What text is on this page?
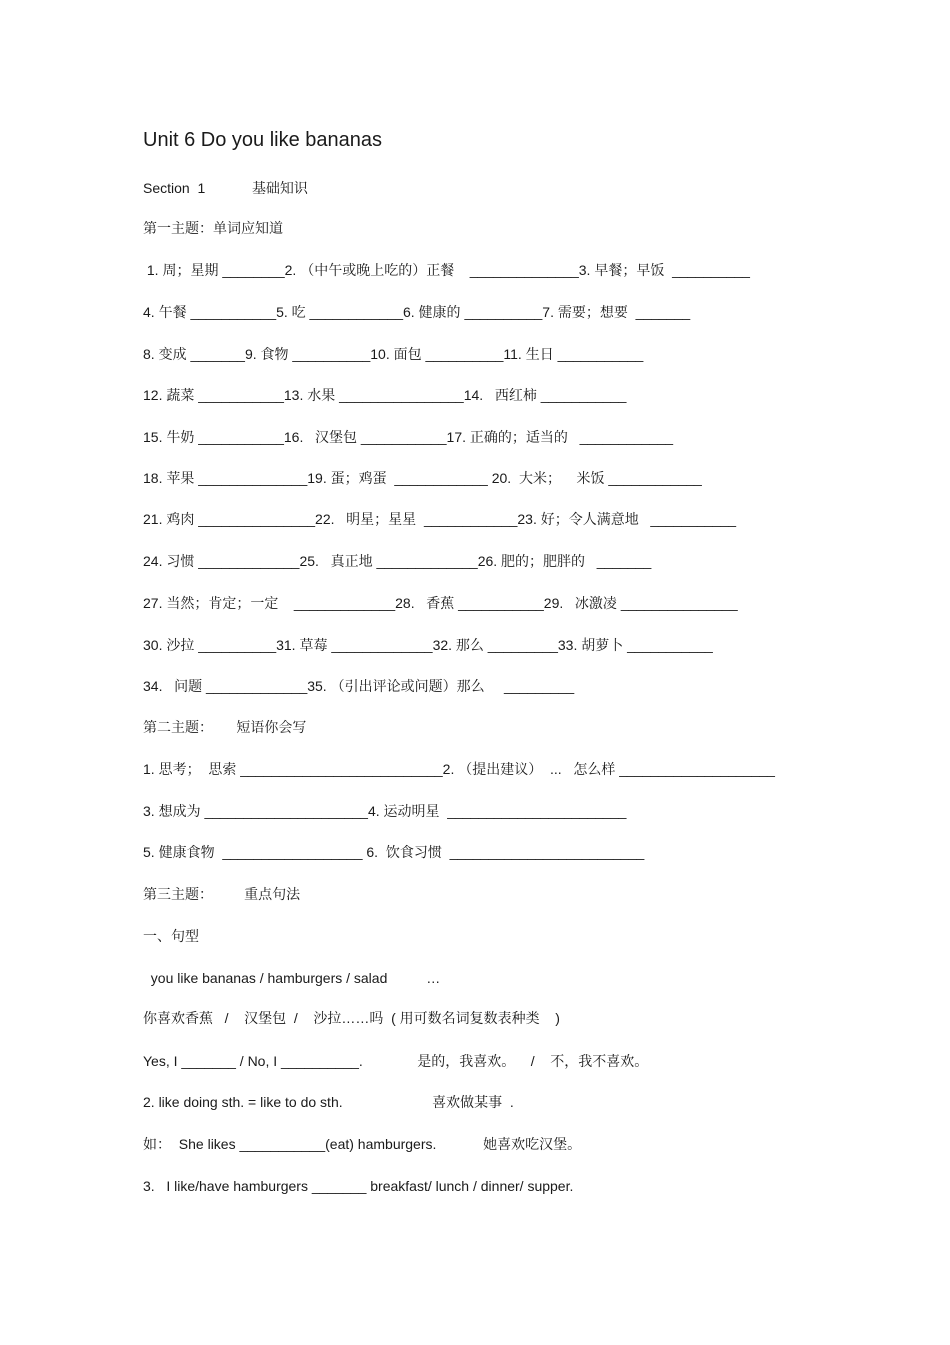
Unit 6 Do you like bananas
Section  1            基础知识
第一主题：单词应知道
1. 周；星期 ________2. （中午或晚上吃的）正餐    ______________3. 早餐；早饭  __________
4. 午餐 ___________5. 吃 ____________6. 健康的 __________7. 需要；想要  _______
8. 变成 _______9. 食物 __________10. 面包 __________11. 生日 ___________
12. 蔬菜 ___________13. 水果 ________________14.   西红柿 ___________
15. 牛奶 ___________16.   汉堡包 ___________17. 正确的；适当的   ____________
18. 苹果 ______________19. 蛋；鸡蛋  ____________ 20.  大米；    米饭 ____________
21. 鸡肉 _______________22.   明星；星星  ____________23. 好；令人满意地   ___________
24. 习惯 _____________25.   真正地 _____________26. 肥的；肥胖的   _______
27. 当然；肯定；一定    _____________28.   香蕉 ___________29.   冰激凌 _______________
30. 沙拉 __________31. 草莓 _____________32. 那么 _________33. 胡萝卜 ___________
34.   问题 _____________35. （引出评论或问题）那么     _________
第二主题：      短语你会写
1. 思考；  思索 __________________________2. （提出建议）  ...   怎么样 ____________________
3. 想成为 _____________________4. 运动明星  _______________________
5. 健康食物  __________________ 6.  饮食习惯  _________________________
第三主题：        重点句法
一、句型
you like bananas / hamburgers / salad          …
你喜欢香蕉   /    汉堡包  /    沙拉……吗  ( 用可数名词复数表种类    )
Yes, I _______ / No, I __________.              是的，我喜欢。    /    不，我不喜欢。
2. like doing sth. = like to do sth.                       喜欢做某事  .
如：  She likes ___________(eat) hamburgers.            她喜欢吃汉堡。
3.   I like/have hamburgers _______ breakfast/ lunch / dinner/ supper.
